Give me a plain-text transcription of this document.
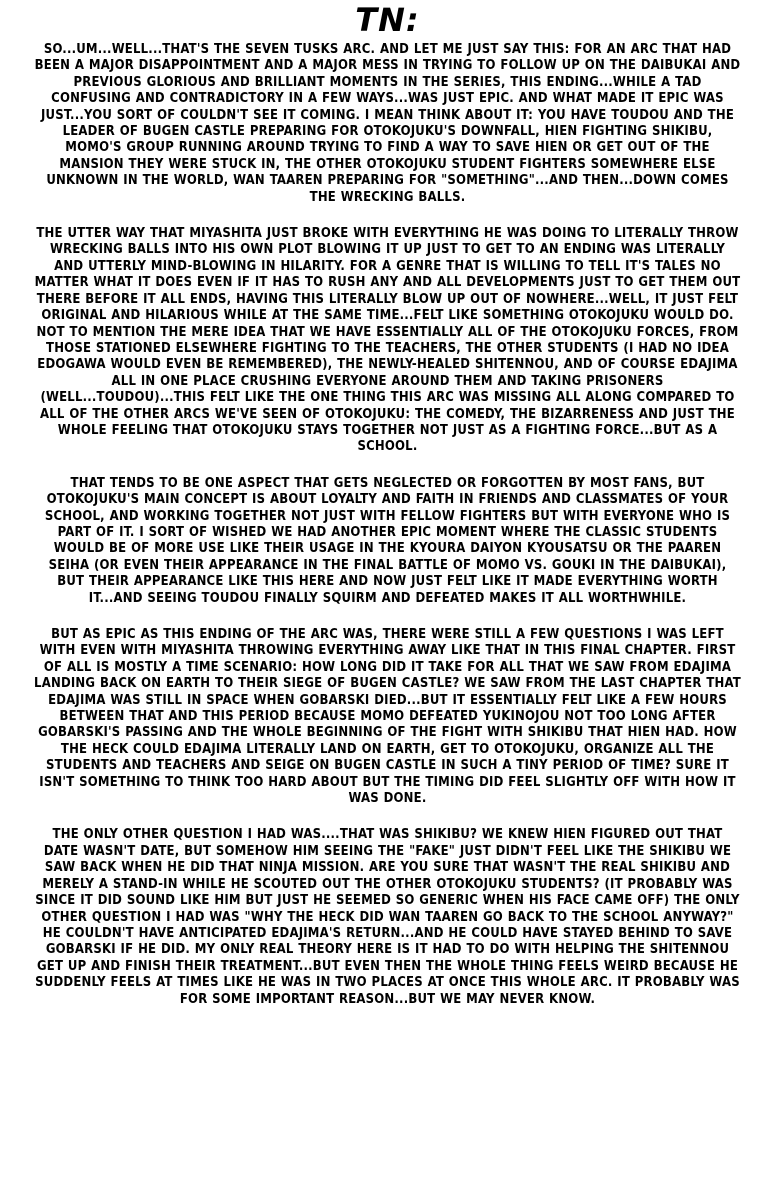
TN:

SO...UM...WELL...THAT'S THE SEVEN TUSKS ARC. AND LET ME JUST SAY THIS: FOR AN ARC THAT HAD BEEN A MAJOR DISAPPOINTMENT AND A MAJOR MESS IN TRYING TO FOLLOW UP ON THE DAIBUKAI AND PREVIOUS GLORIOUS AND BRILLIANT MOMENTS IN THE SERIES, THIS ENDING...WHILE A TAD CONFUSING AND CONTRADICTORY IN A FEW WAYS...WAS JUST EPIC. AND WHAT MADE IT EPIC WAS JUST...YOU SORT OF COULDN'T SEE IT COMING. I MEAN THINK ABOUT IT: YOU HAVE TOUDOU AND THE LEADER OF BUGEN CASTLE PREPARING FOR OTOKOJUKU'S DOWNFALL, HIEN FIGHTING SHIKIBU, MOMO'S GROUP RUNNING AROUND TRYING TO FIND A WAY TO SAVE HIEN OR GET OUT OF THE MANSION THEY WERE STUCK IN, THE OTHER OTOKOJUKU STUDENT FIGHTERS SOMEWHERE ELSE UNKNOWN IN THE WORLD, WAN TAAREN PREPARING FOR "SOMETHING"...AND THEN...DOWN COMES THE WRECKING BALLS.

THE UTTER WAY THAT MIYASHITA JUST BROKE WITH EVERYTHING HE WAS DOING TO LITERALLY THROW WRECKING BALLS INTO HIS OWN PLOT BLOWING IT UP JUST TO GET TO AN ENDING WAS LITERALLY AND UTTERLY MIND-BLOWING IN HILARITY. FOR A GENRE THAT IS WILLING TO TELL IT'S TALES NO MATTER WHAT IT DOES EVEN IF IT HAS TO RUSH ANY AND ALL DEVELOPMENTS JUST TO GET THEM OUT THERE BEFORE IT ALL ENDS, HAVING THIS LITERALLY BLOW UP OUT OF NOWHERE...WELL, IT JUST FELT ORIGINAL AND HILARIOUS WHILE AT THE SAME TIME...FELT LIKE SOMETHING OTOKOJUKU WOULD DO. NOT TO MENTION THE MERE IDEA THAT WE HAVE ESSENTIALLY ALL OF THE OTOKOJUKU FORCES, FROM THOSE STATIONED ELSEWHERE FIGHTING TO THE TEACHERS, THE OTHER STUDENTS (I HAD NO IDEA EDOGAWA WOULD EVEN BE REMEMBERED), THE NEWLY-HEALED SHITENNOU, AND OF COURSE EDAJIMA ALL IN ONE PLACE CRUSHING EVERYONE AROUND THEM AND TAKING PRISONERS (WELL...TOUDOU)...THIS FELT LIKE THE ONE THING THIS ARC WAS MISSING ALL ALONG COMPARED TO ALL OF THE OTHER ARCS WE'VE SEEN OF OTOKOJUKU: THE COMEDY, THE BIZARRENESS AND JUST THE WHOLE FEELING THAT OTOKOJUKU STAYS TOGETHER NOT JUST AS A FIGHTING FORCE...BUT AS A SCHOOL.

THAT TENDS TO BE ONE ASPECT THAT GETS NEGLECTED OR FORGOTTEN BY MOST FANS, BUT OTOKOJUKU'S MAIN CONCEPT IS ABOUT LOYALTY AND FAITH IN FRIENDS AND CLASSMATES OF YOUR SCHOOL, AND WORKING TOGETHER NOT JUST WITH FELLOW FIGHTERS BUT WITH EVERYONE WHO IS PART OF IT. I SORT OF WISHED WE HAD ANOTHER EPIC MOMENT WHERE THE CLASSIC STUDENTS WOULD BE OF MORE USE LIKE THEIR USAGE IN THE KYOURA DAIYON KYOUSATSU OR THE PAAREN SEIHA (OR EVEN THEIR APPEARANCE IN THE FINAL BATTLE OF MOMO VS. GOUKI IN THE DAIBUKAI), BUT THEIR APPEARANCE LIKE THIS HERE AND NOW JUST FELT LIKE IT MADE EVERYTHING WORTH IT...AND SEEING TOUDOU FINALLY SQUIRM AND DEFEATED MAKES IT ALL WORTHWHILE.

BUT AS EPIC AS THIS ENDING OF THE ARC WAS, THERE WERE STILL A FEW QUESTIONS I WAS LEFT WITH EVEN WITH MIYASHITA THROWING EVERYTHING AWAY LIKE THAT IN THIS FINAL CHAPTER. FIRST OF ALL IS MOSTLY A TIME SCENARIO: HOW LONG DID IT TAKE FOR ALL THAT WE SAW FROM EDAJIMA LANDING BACK ON EARTH TO THEIR SIEGE OF BUGEN CASTLE? WE SAW FROM THE LAST CHAPTER THAT EDAJIMA WAS STILL IN SPACE WHEN GOBARSKI DIED...BUT IT ESSENTIALLY FELT LIKE A FEW HOURS BETWEEN THAT AND THIS PERIOD BECAUSE MOMO DEFEATED YUKINOJOU NOT TOO LONG AFTER GOBARSKI'S PASSING AND THE WHOLE BEGINNING OF THE FIGHT WITH SHIKIBU THAT HIEN HAD. HOW THE HECK COULD EDAJIMA LITERALLY LAND ON EARTH, GET TO OTOKOJUKU, ORGANIZE ALL THE STUDENTS AND TEACHERS AND SEIGE ON BUGEN CASTLE IN SUCH A TINY PERIOD OF TIME? SURE IT ISN'T SOMETHING TO THINK TOO HARD ABOUT BUT THE TIMING DID FEEL SLIGHTLY OFF WITH HOW IT WAS DONE.

THE ONLY OTHER QUESTION I HAD WAS....THAT WAS SHIKIBU? WE KNEW HIEN FIGURED OUT THAT DATE WASN'T DATE, BUT SOMEHOW HIM SEEING THE "FAKE" JUST DIDN'T FEEL LIKE THE SHIKIBU WE SAW BACK WHEN HE DID THAT NINJA MISSION. ARE YOU SURE THAT WASN'T THE REAL SHIKIBU AND MERELY A STAND-IN WHILE HE SCOUTED OUT THE OTHER OTOKOJUKU STUDENTS? (IT PROBABLY WAS SINCE IT DID SOUND LIKE HIM BUT JUST HE SEEMED SO GENERIC WHEN HIS FACE CAME OFF) THE ONLY OTHER QUESTION I HAD WAS "WHY THE HECK DID WAN TAAREN GO BACK TO THE SCHOOL ANYWAY?" HE COULDN'T HAVE ANTICIPATED EDAJIMA'S RETURN...AND HE COULD HAVE STAYED BEHIND TO SAVE GOBARSKI IF HE DID. MY ONLY REAL THEORY HERE IS IT HAD TO DO WITH HELPING THE SHITENNOU GET UP AND FINISH THEIR TREATMENT...BUT EVEN THEN THE WHOLE THING FEELS WEIRD BECAUSE HE SUDDENLY FEELS AT TIMES LIKE HE WAS IN TWO PLACES AT ONCE THIS WHOLE ARC. IT PROBABLY WAS FOR SOME IMPORTANT REASON...BUT WE MAY NEVER KNOW.
